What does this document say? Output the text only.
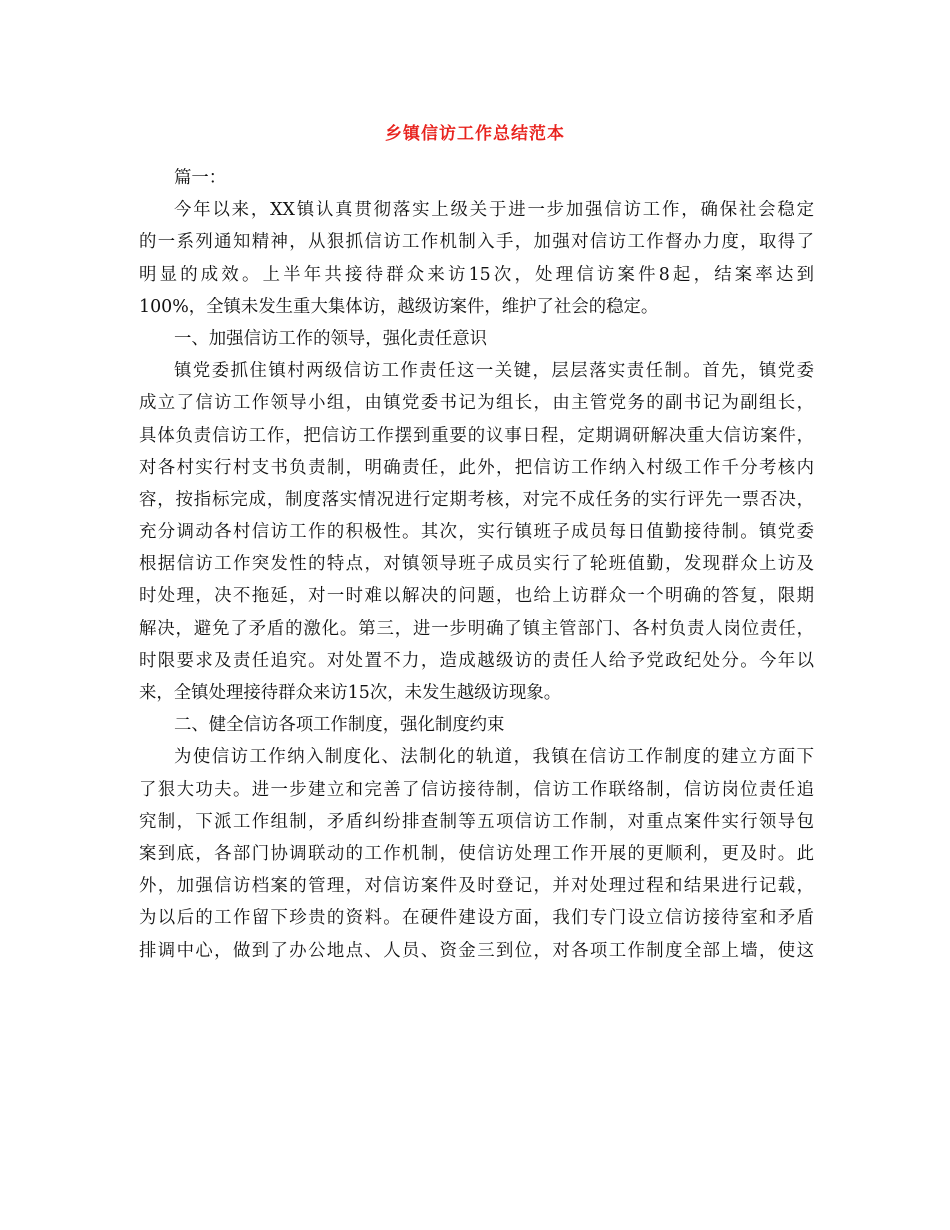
乡镇信访工作总结范本
篇一：
今年以来，XX镇认真贯彻落实上级关于进一步加强信访工作，确保社会稳定
的一系列通知精神，从狠抓信访工作机制入手，加强对信访工作督办力度，取得了
明显的成效。上半年共接待群众来访15次，处理信访案件8起，结案率达到
100%，全镇未发生重大集体访，越级访案件，维护了社会的稳定。
一、加强信访工作的领导，强化责任意识
镇党委抓住镇村两级信访工作责任这一关键，层层落实责任制。首先，镇党委
成立了信访工作领导小组，由镇党委书记为组长，由主管党务的副书记为副组长，
具体负责信访工作，把信访工作摆到重要的议事日程，定期调研解决重大信访案件，
对各村实行村支书负责制，明确责任，此外，把信访工作纳入村级工作千分考核内
容，按指标完成，制度落实情况进行定期考核，对完不成任务的实行评先一票否决，
充分调动各村信访工作的积极性。其次，实行镇班子成员每日值勤接待制。镇党委
根据信访工作突发性的特点，对镇领导班子成员实行了轮班值勤，发现群众上访及
时处理，决不拖延，对一时难以解决的问题，也给上访群众一个明确的答复，限期
解决，避免了矛盾的激化。第三，进一步明确了镇主管部门、各村负责人岗位责任，
时限要求及责任追究。对处置不力，造成越级访的责任人给予党政纪处分。今年以
来，全镇处理接待群众来访15次，未发生越级访现象。
二、健全信访各项工作制度，强化制度约束
为使信访工作纳入制度化、法制化的轨道，我镇在信访工作制度的建立方面下
了狠大功夫。进一步建立和完善了信访接待制，信访工作联络制，信访岗位责任追
究制，下派工作组制，矛盾纠纷排查制等五项信访工作制，对重点案件实行领导包
案到底，各部门协调联动的工作机制，使信访处理工作开展的更顺利，更及时。此
外，加强信访档案的管理，对信访案件及时登记，并对处理过程和结果进行记载，
为以后的工作留下珍贵的资料。在硬件建设方面，我们专门设立信访接待室和矛盾
排调中心，做到了办公地点、人员、资金三到位，对各项工作制度全部上墙，使这
